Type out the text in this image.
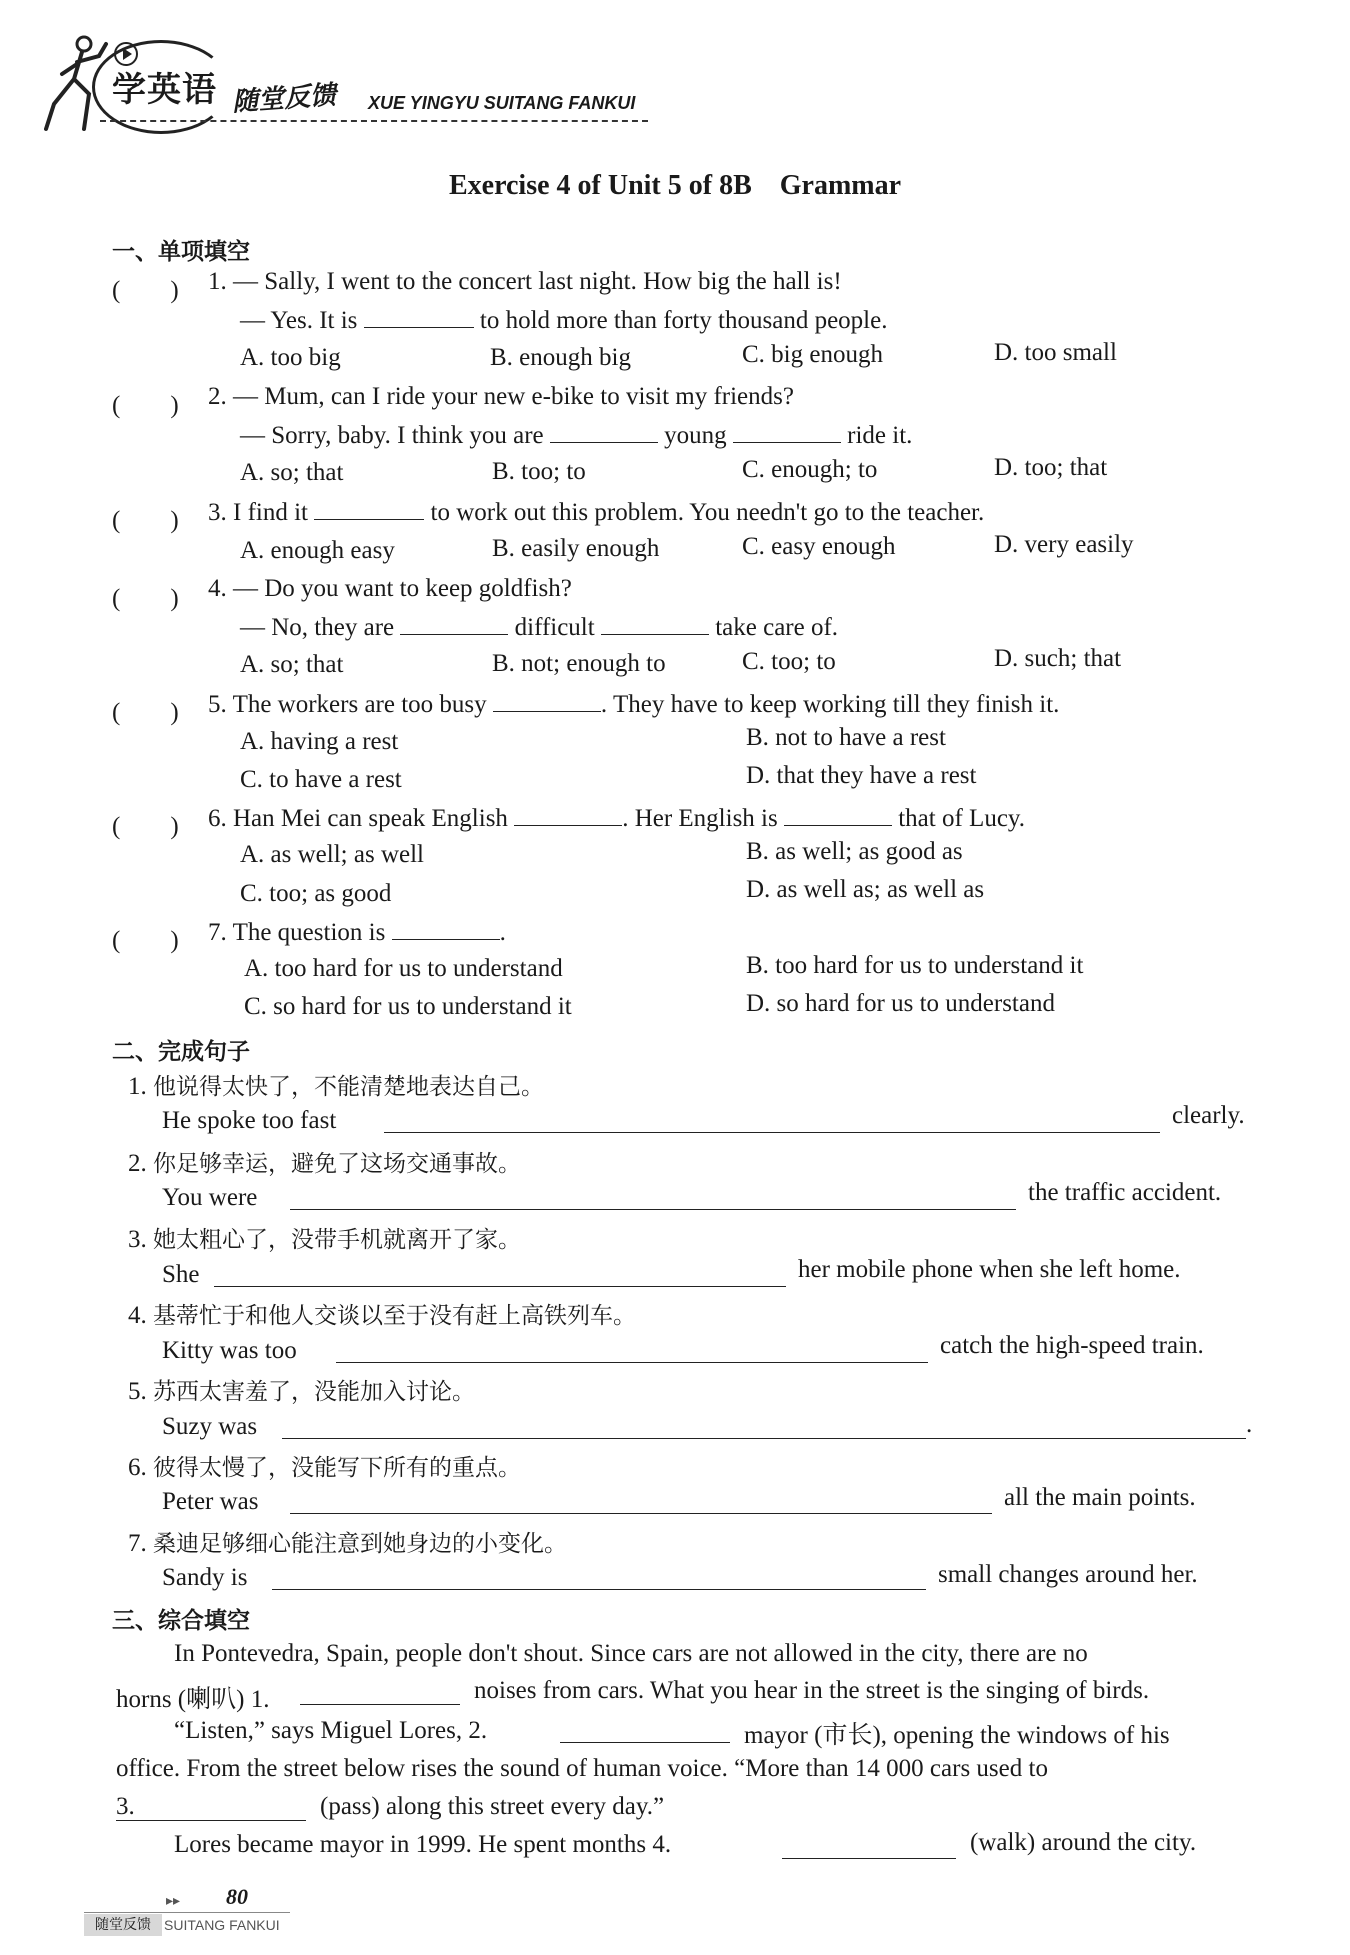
学英语 随堂反馈 XUE YINGYU SUITANG FANKUI
Exercise 4 of Unit 5 of 8B　Grammar
一、单项填空
(　　) 1. — Sally, I went to the concert last night. How big the hall is!
— Yes. It is	to hold more than forty thousand people.
A. too big	B. enough big	C. big enough	D. too small
(　　) 2. — Mum, can I ride your new e-bike to visit my friends?
— Sorry, baby. I think you are	young	ride it.
A. so; that	B. too; to	C. enough; to	D. too; that
(　　) 3. I find it	to work out this problem. You needn't go to the teacher.
A. enough easy	B. easily enough	C. easy enough	D. very easily
(　　) 4. — Do you want to keep goldfish?
— No, they are	difficult	take care of.
A. so; that	B. not; enough to	C. too; to	D. such; that
(　　) 5. The workers are too busy	. They have to keep working till they finish it.
A. having a rest	B. not to have a rest
C. to have a rest	D. that they have a rest
(　　) 6. Han Mei can speak English	. Her English is	that of Lucy.
A. as well; as well	B. as well; as good as
C. too; as good	D. as well as; as well as
(　　) 7. The question is	.
A. too hard for us to understand	B. too hard for us to understand it
C. so hard for us to understand it	D. so hard for us to understand
二、完成句子
1. 他说得太快了，不能清楚地表达自己。
He spoke too fast	clearly.
2. 你足够幸运，避免了这场交通事故。
You were	the traffic accident.
3. 她太粗心了，没带手机就离开了家。
She	her mobile phone when she left home.
4. 基蒂忙于和他人交谈以至于没有赶上高铁列车。
Kitty was too	catch the high-speed train.
5. 苏西太害羞了，没能加入讨论。
Suzy was	.
6. 彼得太慢了，没能写下所有的重点。
Peter was	all the main points.
7. 桑迪足够细心能注意到她身边的小变化。
Sandy is	small changes around her.
三、综合填空
In Pontevedra, Spain, people don't shout. Since cars are not allowed in the city, there are no
horns (喇叭) 1.	noises from cars. What you hear in the street is the singing of birds.
“Listen,” says Miguel Lores, 2.	mayor (市长), opening the windows of his
office. From the street below rises the sound of human voice. “More than 14 000 cars used to
3.	(pass) along this street every day.”
Lores became mayor in 1999. He spent months 4.	(walk) around the city.
▸▸ 80
随堂反馈 SUITANG FANKUI
